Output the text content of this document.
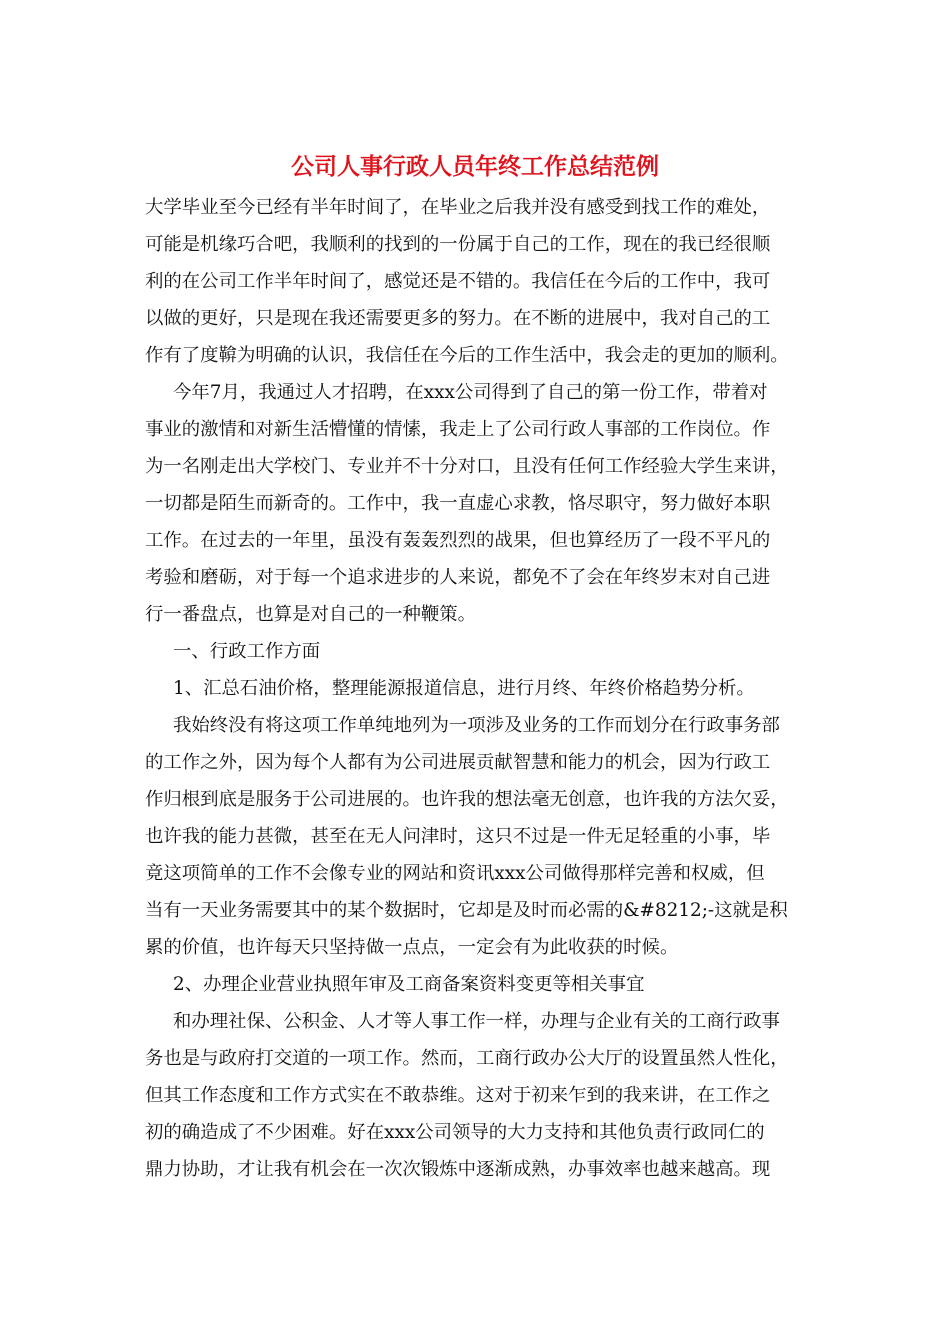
公司人事行政人员年终工作总结范例

大学毕业至今已经有半年时间了，在毕业之后我并没有感受到找工作的难处，

可能是机缘巧合吧，我顺利的找到的一份属于自己的工作，现在的我已经很顺

利的在公司工作半年时间了，感觉还是不错的。我信任在今后的工作中，我可

以做的更好，只是现在我还需要更多的努力。在不断的进展中，我对自己的工

作有了度鞥为明确的认识，我信任在今后的工作生活中，我会走的更加的顺利。

今年7月，我通过人才招聘，在xxx公司得到了自己的第一份工作，带着对

事业的激情和对新生活懵懂的情愫，我走上了公司行政人事部的工作岗位。作

为一名刚走出大学校门、专业并不十分对口，且没有任何工作经验大学生来讲，

一切都是陌生而新奇的。工作中，我一直虚心求教，恪尽职守，努力做好本职

工作。在过去的一年里，虽没有轰轰烈烈的战果，但也算经历了一段不平凡的

考验和磨砺，对于每一个追求进步的人来说，都免不了会在年终岁末对自己进

行一番盘点，也算是对自己的一种鞭策。

一、行政工作方面

1、汇总石油价格，整理能源报道信息，进行月终、年终价格趋势分析。

我始终没有将这项工作单纯地列为一项涉及业务的工作而划分在行政事务部

的工作之外，因为每个人都有为公司进展贡献智慧和能力的机会，因为行政工

作归根到底是服务于公司进展的。也许我的想法毫无创意，也许我的方法欠妥，

也许我的能力甚微，甚至在无人问津时，这只不过是一件无足轻重的小事，毕

竟这项简单的工作不会像专业的网站和资讯xxx公司做得那样完善和权威，但

当有一天业务需要其中的某个数据时，它却是及时而必需的&#8212;-这就是积

累的价值，也许每天只坚持做一点点，一定会有为此收获的时候。

2、办理企业营业执照年审及工商备案资料变更等相关事宜

和办理社保、公积金、人才等人事工作一样，办理与企业有关的工商行政事

务也是与政府打交道的一项工作。然而，工商行政办公大厅的设置虽然人性化，

但其工作态度和工作方式实在不敢恭维。这对于初来乍到的我来讲，在工作之

初的确造成了不少困难。好在xxx公司领导的大力支持和其他负责行政同仁的

鼎力协助，才让我有机会在一次次锻炼中逐渐成熟，办事效率也越来越高。现
